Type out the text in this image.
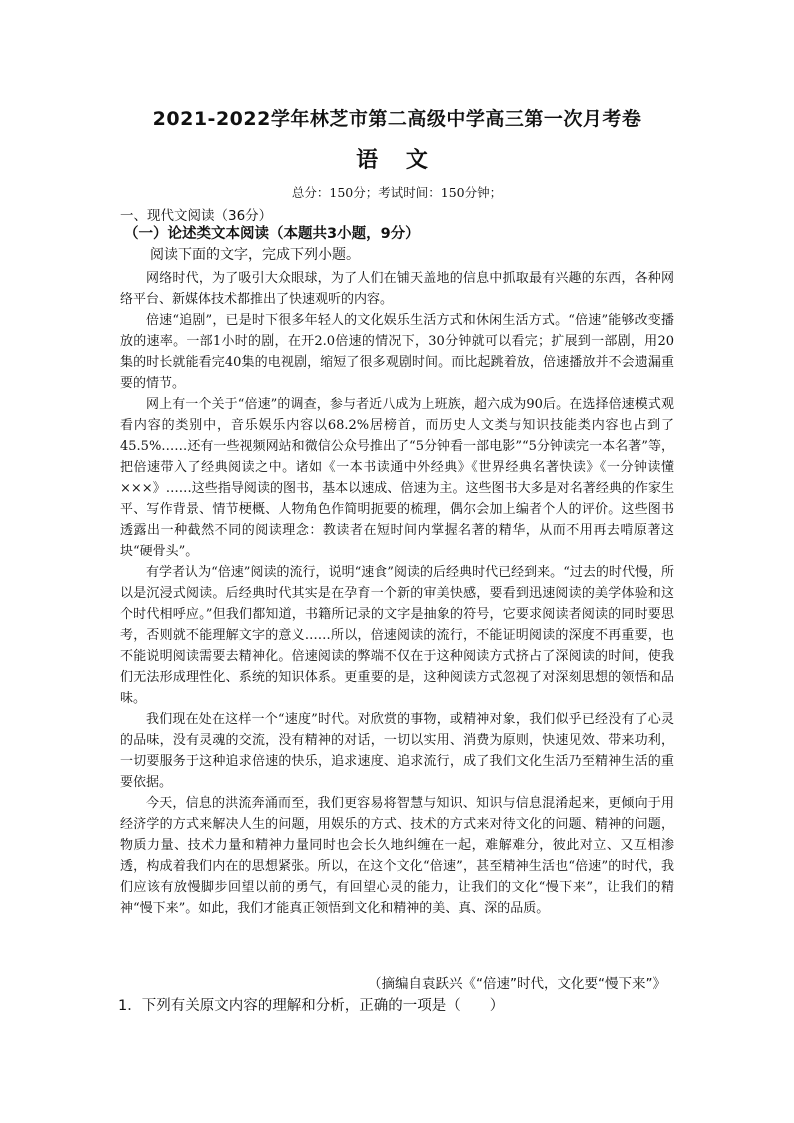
2021-2022学年林芝市第二高级中学高三第一次月考卷
语 文
总分：150分；考试时间：150分钟；
一、现代文阅读（36分）
（一）论述类文本阅读（本题共3小题，9分）
阅读下面的文字，完成下列小题。

网络时代，为了吸引大众眼球，为了人们在铺天盖地的信息中抓取最有兴趣的东西，各种网络平台、新媒体技术都推出了快速观听的内容。

倍速“追剧”，已是时下很多年轻人的文化娱乐生活方式和休闲生活方式。“倍速”能够改变播放的速率。一部1小时的剧，在开2.0倍速的情况下，30分钟就可以看完；扩展到一部剧，用20集的时长就能看完40集的电视剧，缩短了很多观剧时间。而比起跳着放，倍速播放并不会遗漏重要的情节。

网上有一个关于“倍速”的调查，参与者近八成为上班族，超六成为90后。在选择倍速模式观看内容的类别中，音乐娱乐内容以68.2%居榜首，而历史人文类与知识技能类内容也占到了45.5%……还有一些视频网站和微信公众号推出了“5分钟看一部电影”“5分钟读完一本名著”等，把倍速带入了经典阅读之中。诸如《一本书读通中外经典》《世界经典名著快读》《一分钟读懂×××》……这些指导阅读的图书，基本以速成、倍速为主。这些图书大多是对名著经典的作家生平、写作背景、情节梗概、人物角色作简明扼要的梳理，偶尔会加上编者个人的评价。这些图书透露出一种截然不同的阅读理念：教读者在短时间内掌握名著的精华，从而不用再去啃原著这块“硬骨头”。

有学者认为“倍速”阅读的流行，说明“速食”阅读的后经典时代已经到来。“过去的时代慢，所以是沉浸式阅读。后经典时代其实是在孕育一个新的审美快感，要看到迅速阅读的美学体验和这个时代相呼应。”但我们都知道，书籍所记录的文字是抽象的符号，它要求阅读者阅读的同时要思考，否则就不能理解文字的意义……所以，倍速阅读的流行，不能证明阅读的深度不再重要，也不能说明阅读需要去精神化。倍速阅读的弊端不仅在于这种阅读方式挤占了深阅读的时间，使我们无法形成理性化、系统的知识体系。更重要的是，这种阅读方式忽视了对深刻思想的领悟和品味。

我们现在处在这样一个“速度”时代。对欣赏的事物，或精神对象，我们似乎已经没有了心灵的品味，没有灵魂的交流，没有精神的对话，一切以实用、消费为原则，快速见效、带来功利，一切要服务于这种追求倍速的快乐，追求速度、追求流行，成了我们文化生活乃至精神生活的重要依据。

今天，信息的洪流奔涌而至，我们更容易将智慧与知识、知识与信息混淆起来，更倾向于用经济学的方式来解决人生的问题，用娱乐的方式、技术的方式来对待文化的问题、精神的问题，物质力量、技术力量和精神力量同时也会长久地纠缠在一起，难解难分，彼此对立、又互相渗透，构成着我们内在的思想紧张。所以，在这个文化“倍速”，甚至精神生活也“倍速”的时代，我们应该有放慢脚步回望以前的勇气，有回望心灵的能力，让我们的文化“慢下来”，让我们的精神“慢下来”。如此，我们才能真正领悟到文化和精神的美、真、深的品质。

（摘编自袁跃兴《“倍速”时代，文化要“慢下来”》
1．下列有关原文内容的理解和分析，正确的一项是（　　）
